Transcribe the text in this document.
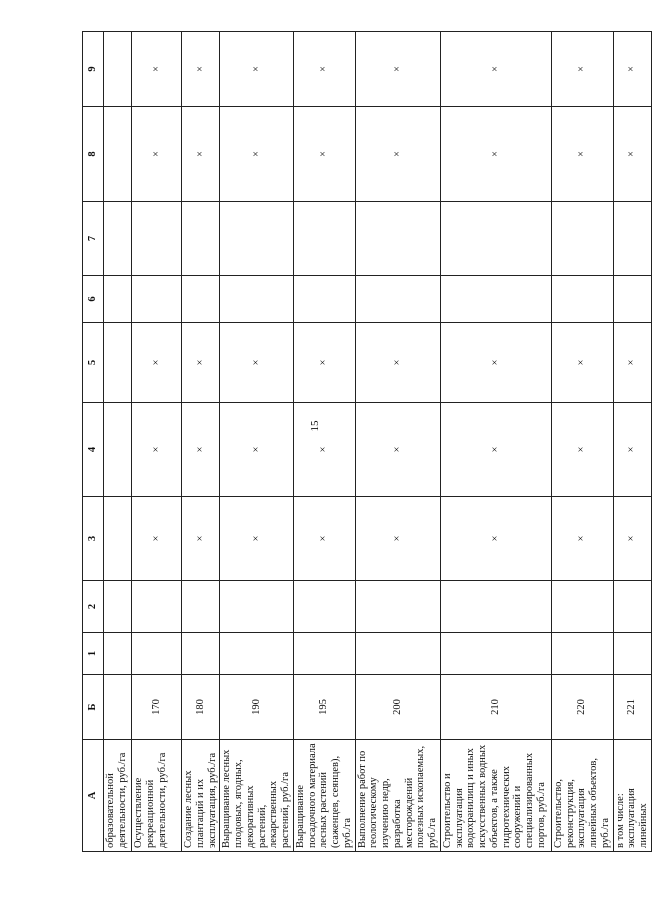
15
А	Б	1	2	3	4	5	6	7	8	9
образовательной деятельности, руб./га										
Осуществление рекреационной деятельности, руб./га	170			×	×	×			×	×
Создание лесных плантаций и их эксплуатация, руб./га	180			×	×	×			×	×
Выращивание лесных плодовых, ягодных, декоративных растений, лекарственных растений, руб./га	190			×	×	×			×	×
Выращивание посадочного материала лесных растений (саженцев, сеянцев), руб./га	195			×	×	×			×	×
Выполнение работ по геологическому изучению недр, разработка месторождений полезных ископаемых, руб./га	200			×	×	×			×	×
Строительство и эксплуатация водохранилищ и иных искусственных водных объектов, а также гидротехнических сооружений и специализированных портов, руб./га	210			×	×	×			×	×
Строительство, реконструкция, эксплуатация линейных объектов, руб./га	220			×	×	×			×	×

в том числе: эксплуатация линейных	221			×	×	×			×	×
